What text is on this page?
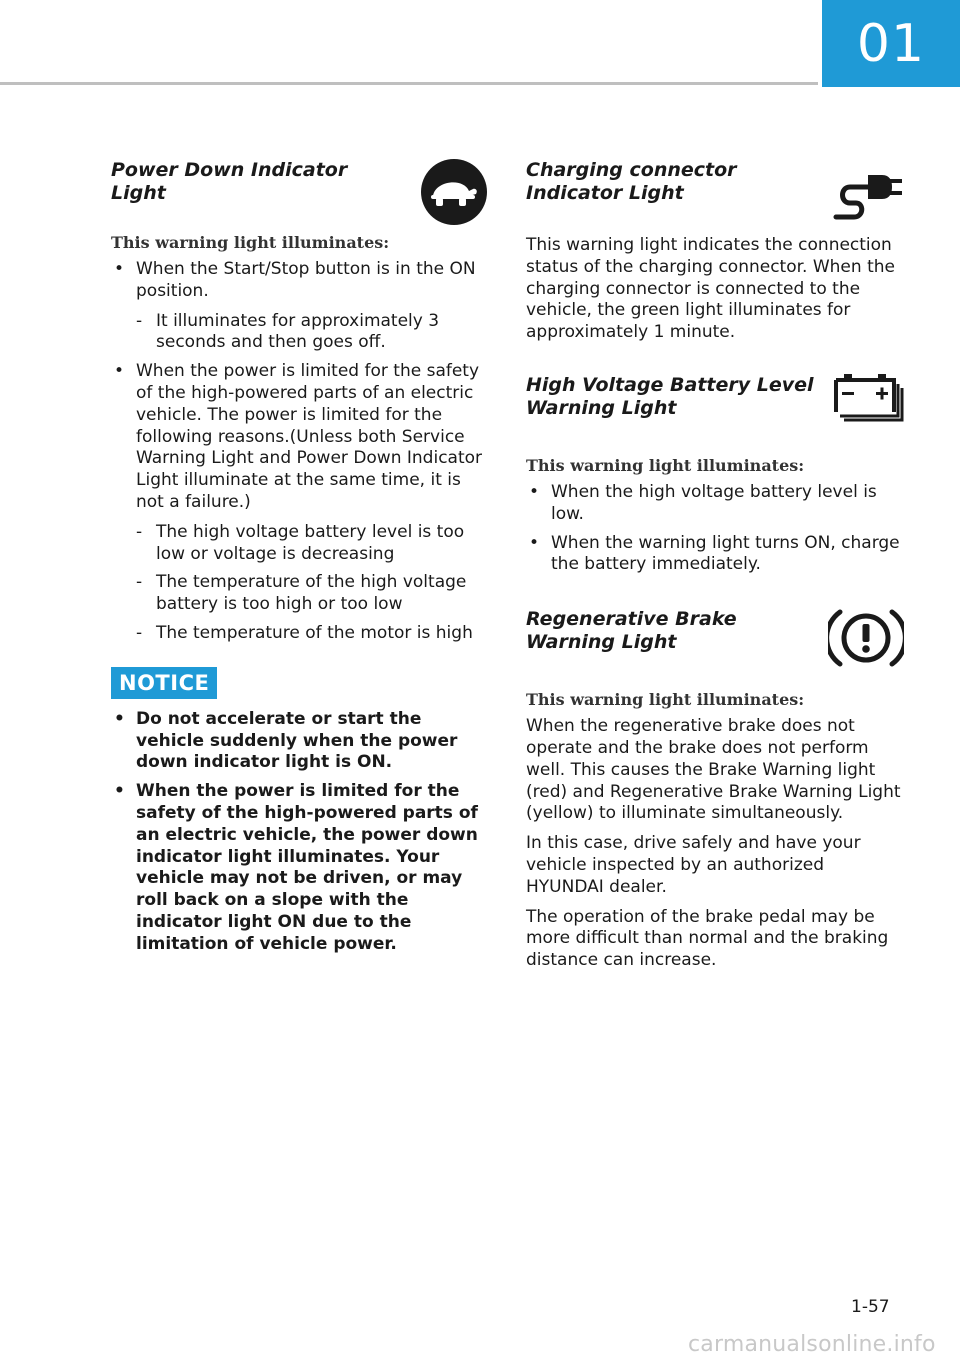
01
Power Down Indicator Light

This warning light illuminates:

• When the Start/Stop button is in the ON position.
- It illuminates for approximately 3 seconds and then goes off.
• When the power is limited for the safety of the high-powered parts of an electric vehicle. The power is limited for the following reasons.(Unless both Service Warning Light and Power Down Indicator Light illuminate at the same time, it is not a failure.)
- The high voltage battery level is too low or voltage is decreasing
- The temperature of the high voltage battery is too high or too low
- The temperature of the motor is high
NOTICE
• Do not accelerate or start the vehicle suddenly when the power down indicator light is ON.
• When the power is limited for the safety of the high-powered parts of an electric vehicle, the power down indicator light illuminates. Your vehicle may not be driven, or may roll back on a slope with the indicator light ON due to the limitation of vehicle power.
Charging connector Indicator Light

This warning light indicates the connection status of the charging connector. When the charging connector is connected to the vehicle, the green light illuminates for approximately 1 minute.

High Voltage Battery Level Warning Light

This warning light illuminates:

• When the high voltage battery level is low.
• When the warning light turns ON, charge the battery immediately.
Regenerative Brake Warning Light

This warning light illuminates:

When the regenerative brake does not operate and the brake does not perform well. This causes the Brake Warning light (red) and Regenerative Brake Warning Light (yellow) to illuminate simultaneously.

In this case, drive safely and have your vehicle inspected by an authorized HYUNDAI dealer.

The operation of the brake pedal may be more difficult than normal and the braking distance can increase.

1-57
carmanualsonline.info
